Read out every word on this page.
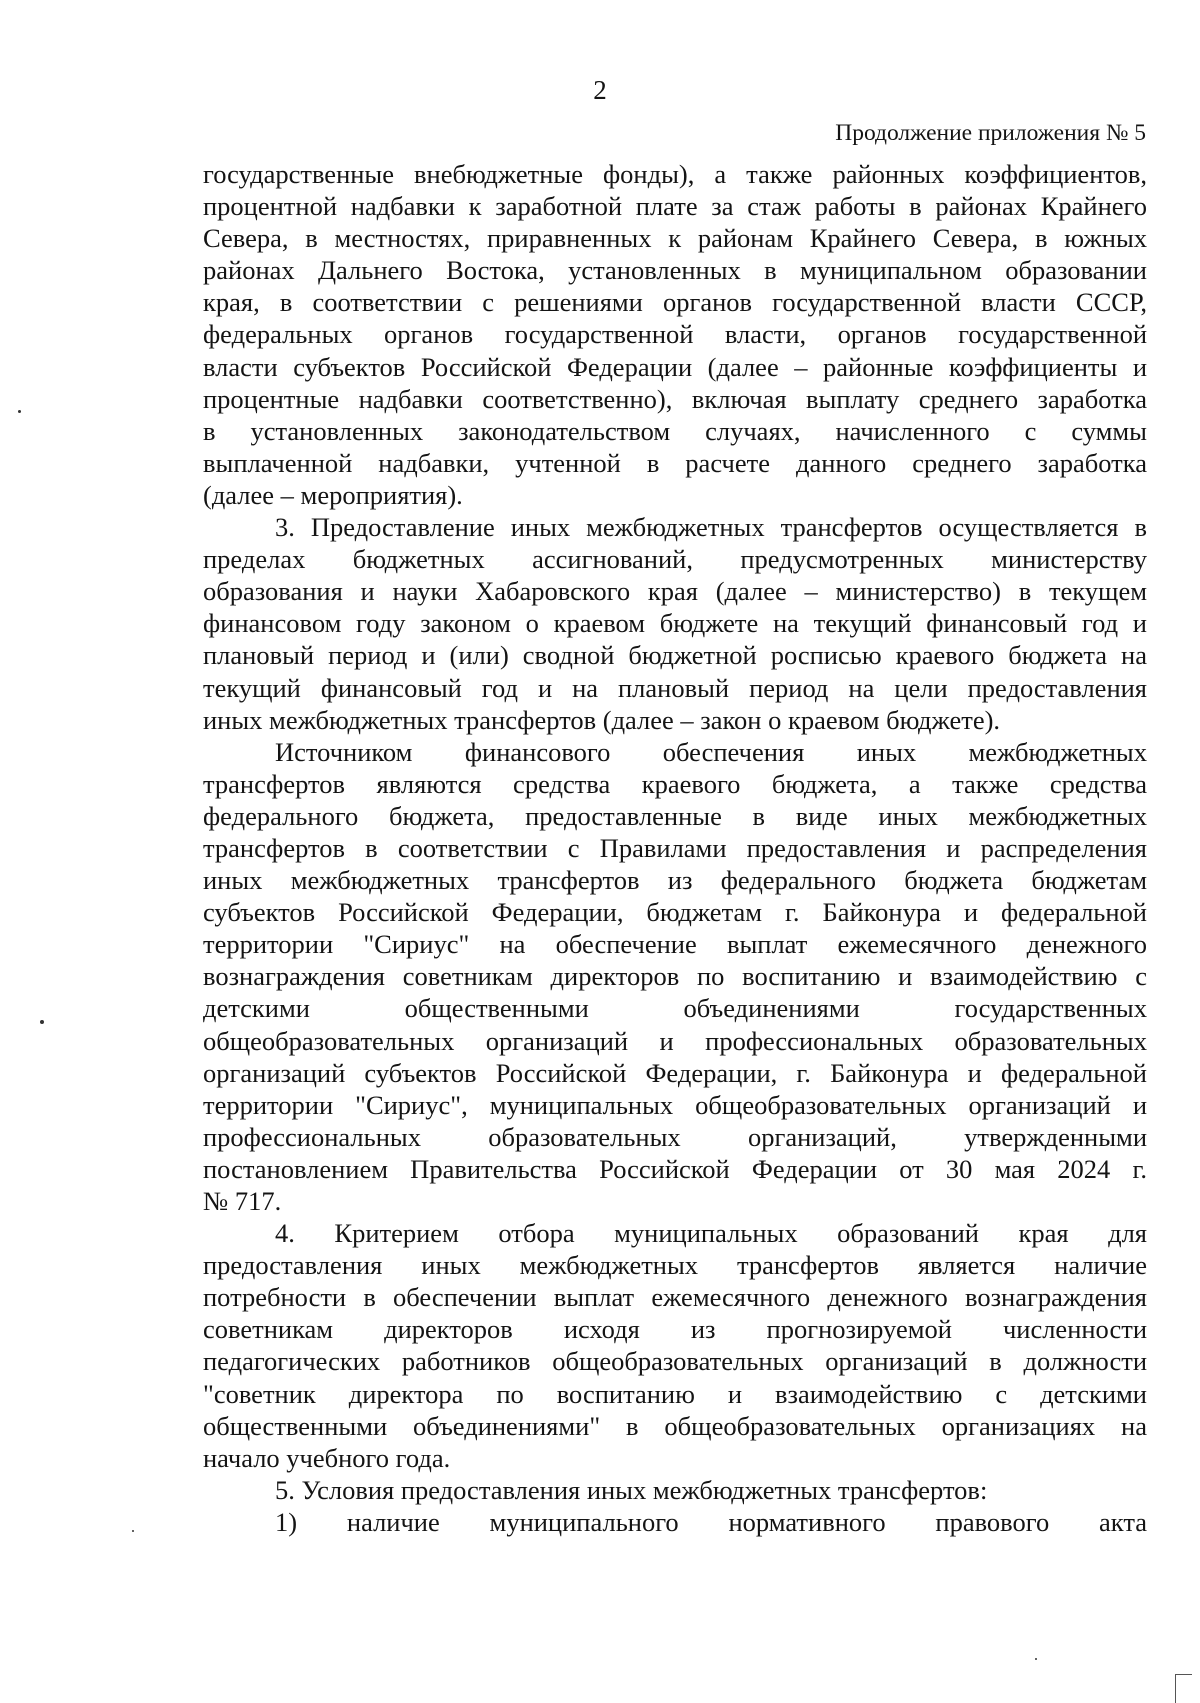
2
Продолжение приложения № 5
государственные внебюджетные фонды), а также районных коэффициентов,
процентной надбавки к заработной плате за стаж работы в районах Крайнего
Севера, в местностях, приравненных к районам Крайнего Севера, в южных
районах Дальнего Востока, установленных в муниципальном образовании
края, в соответствии с решениями органов государственной власти СССР,
федеральных органов государственной власти, органов государственной
власти субъектов Российской Федерации (далее – районные коэффициенты и
процентные надбавки соответственно), включая выплату среднего заработка
в установленных законодательством случаях, начисленного с суммы
выплаченной надбавки, учтенной в расчете данного среднего заработка
(далее – мероприятия).
3. Предоставление иных межбюджетных трансфертов осуществляется в
пределах бюджетных ассигнований, предусмотренных министерству
образования и науки Хабаровского края (далее – министерство) в текущем
финансовом году законом о краевом бюджете на текущий финансовый год и
плановый период и (или) сводной бюджетной росписью краевого бюджета на
текущий финансовый год и на плановый период на цели предоставления
иных межбюджетных трансфертов (далее – закон о краевом бюджете).
Источником финансового обеспечения иных межбюджетных
трансфертов являются средства краевого бюджета, а также средства
федерального бюджета, предоставленные в виде иных межбюджетных
трансфертов в соответствии с Правилами предоставления и распределения
иных межбюджетных трансфертов из федерального бюджета бюджетам
субъектов Российской Федерации, бюджетам г. Байконура и федеральной
территории "Сириус" на обеспечение выплат ежемесячного денежного
вознаграждения советникам директоров по воспитанию и взаимодействию с
детскими общественными объединениями государственных
общеобразовательных организаций и профессиональных образовательных
организаций субъектов Российской Федерации, г. Байконура и федеральной
территории "Сириус", муниципальных общеобразовательных организаций и
профессиональных образовательных организаций, утвержденными
постановлением Правительства Российской Федерации от 30 мая 2024 г.
№ 717.
4. Критерием отбора муниципальных образований края для
предоставления иных межбюджетных трансфертов является наличие
потребности в обеспечении выплат ежемесячного денежного вознаграждения
советникам директоров исходя из прогнозируемой численности
педагогических работников общеобразовательных организаций в должности
"советник директора по воспитанию и взаимодействию с детскими
общественными объединениями" в общеобразовательных организациях на
начало учебного года.
5. Условия предоставления иных межбюджетных трансфертов:
1) наличие муниципального нормативного правового акта
